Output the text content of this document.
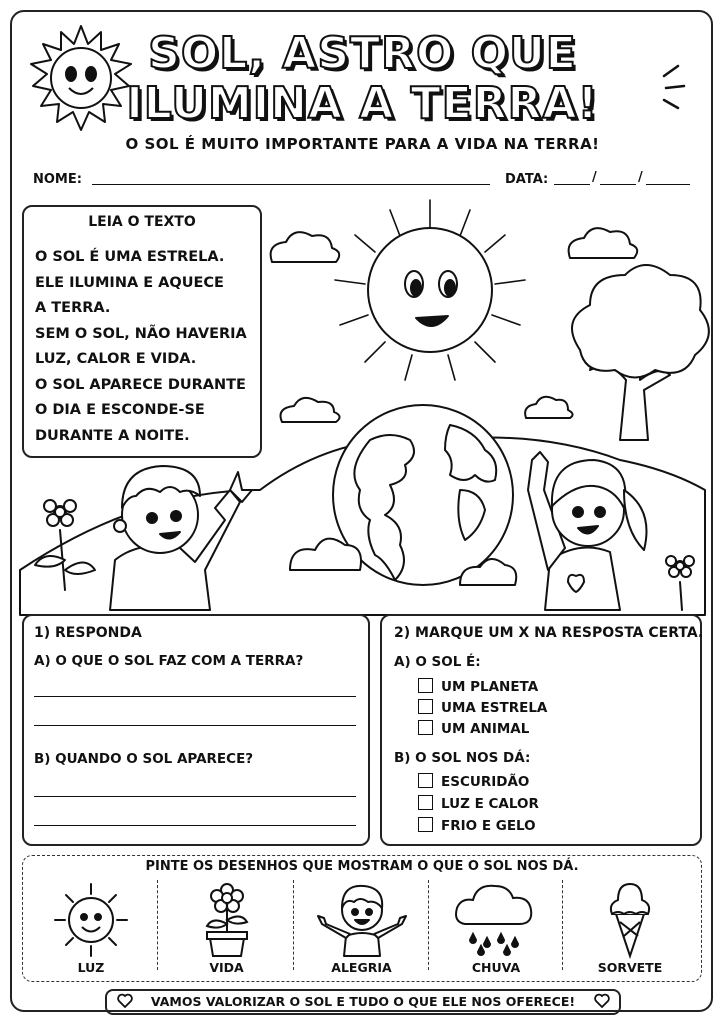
SOL, ASTRO QUE
ILUMINA A TERRA!
O SOL É MUITO IMPORTANTE PARA A VIDA NA TERRA!
NOME:	DATA:	/	/
LEIA O TEXTO

O SOL É UMA ESTRELA.

ELE ILUMINA E AQUECE

A TERRA.

SEM O SOL, NÃO HAVERIA

LUZ, CALOR E VIDA.

O SOL APARECE DURANTE

O DIA E ESCONDE-SE

DURANTE A NOITE.

1) RESPONDA
A) O QUE O SOL FAZ COM A TERRA?
B) QUANDO O SOL APARECE?
2) MARQUE UM X NA RESPOSTA CERTA.
A) O SOL É:
UM PLANETA
UMA ESTRELA
UM ANIMAL
B) O SOL NOS DÁ:
ESCURIDÃO
LUZ E CALOR
FRIO E GELO
PINTE OS DESENHOS QUE MOSTRAM O QUE O SOL NOS DÁ.
LUZ	VIDA	ALEGRIA	CHUVA	SORVETE
VAMOS VALORIZAR O SOL E TUDO O QUE ELE NOS OFERECE!
